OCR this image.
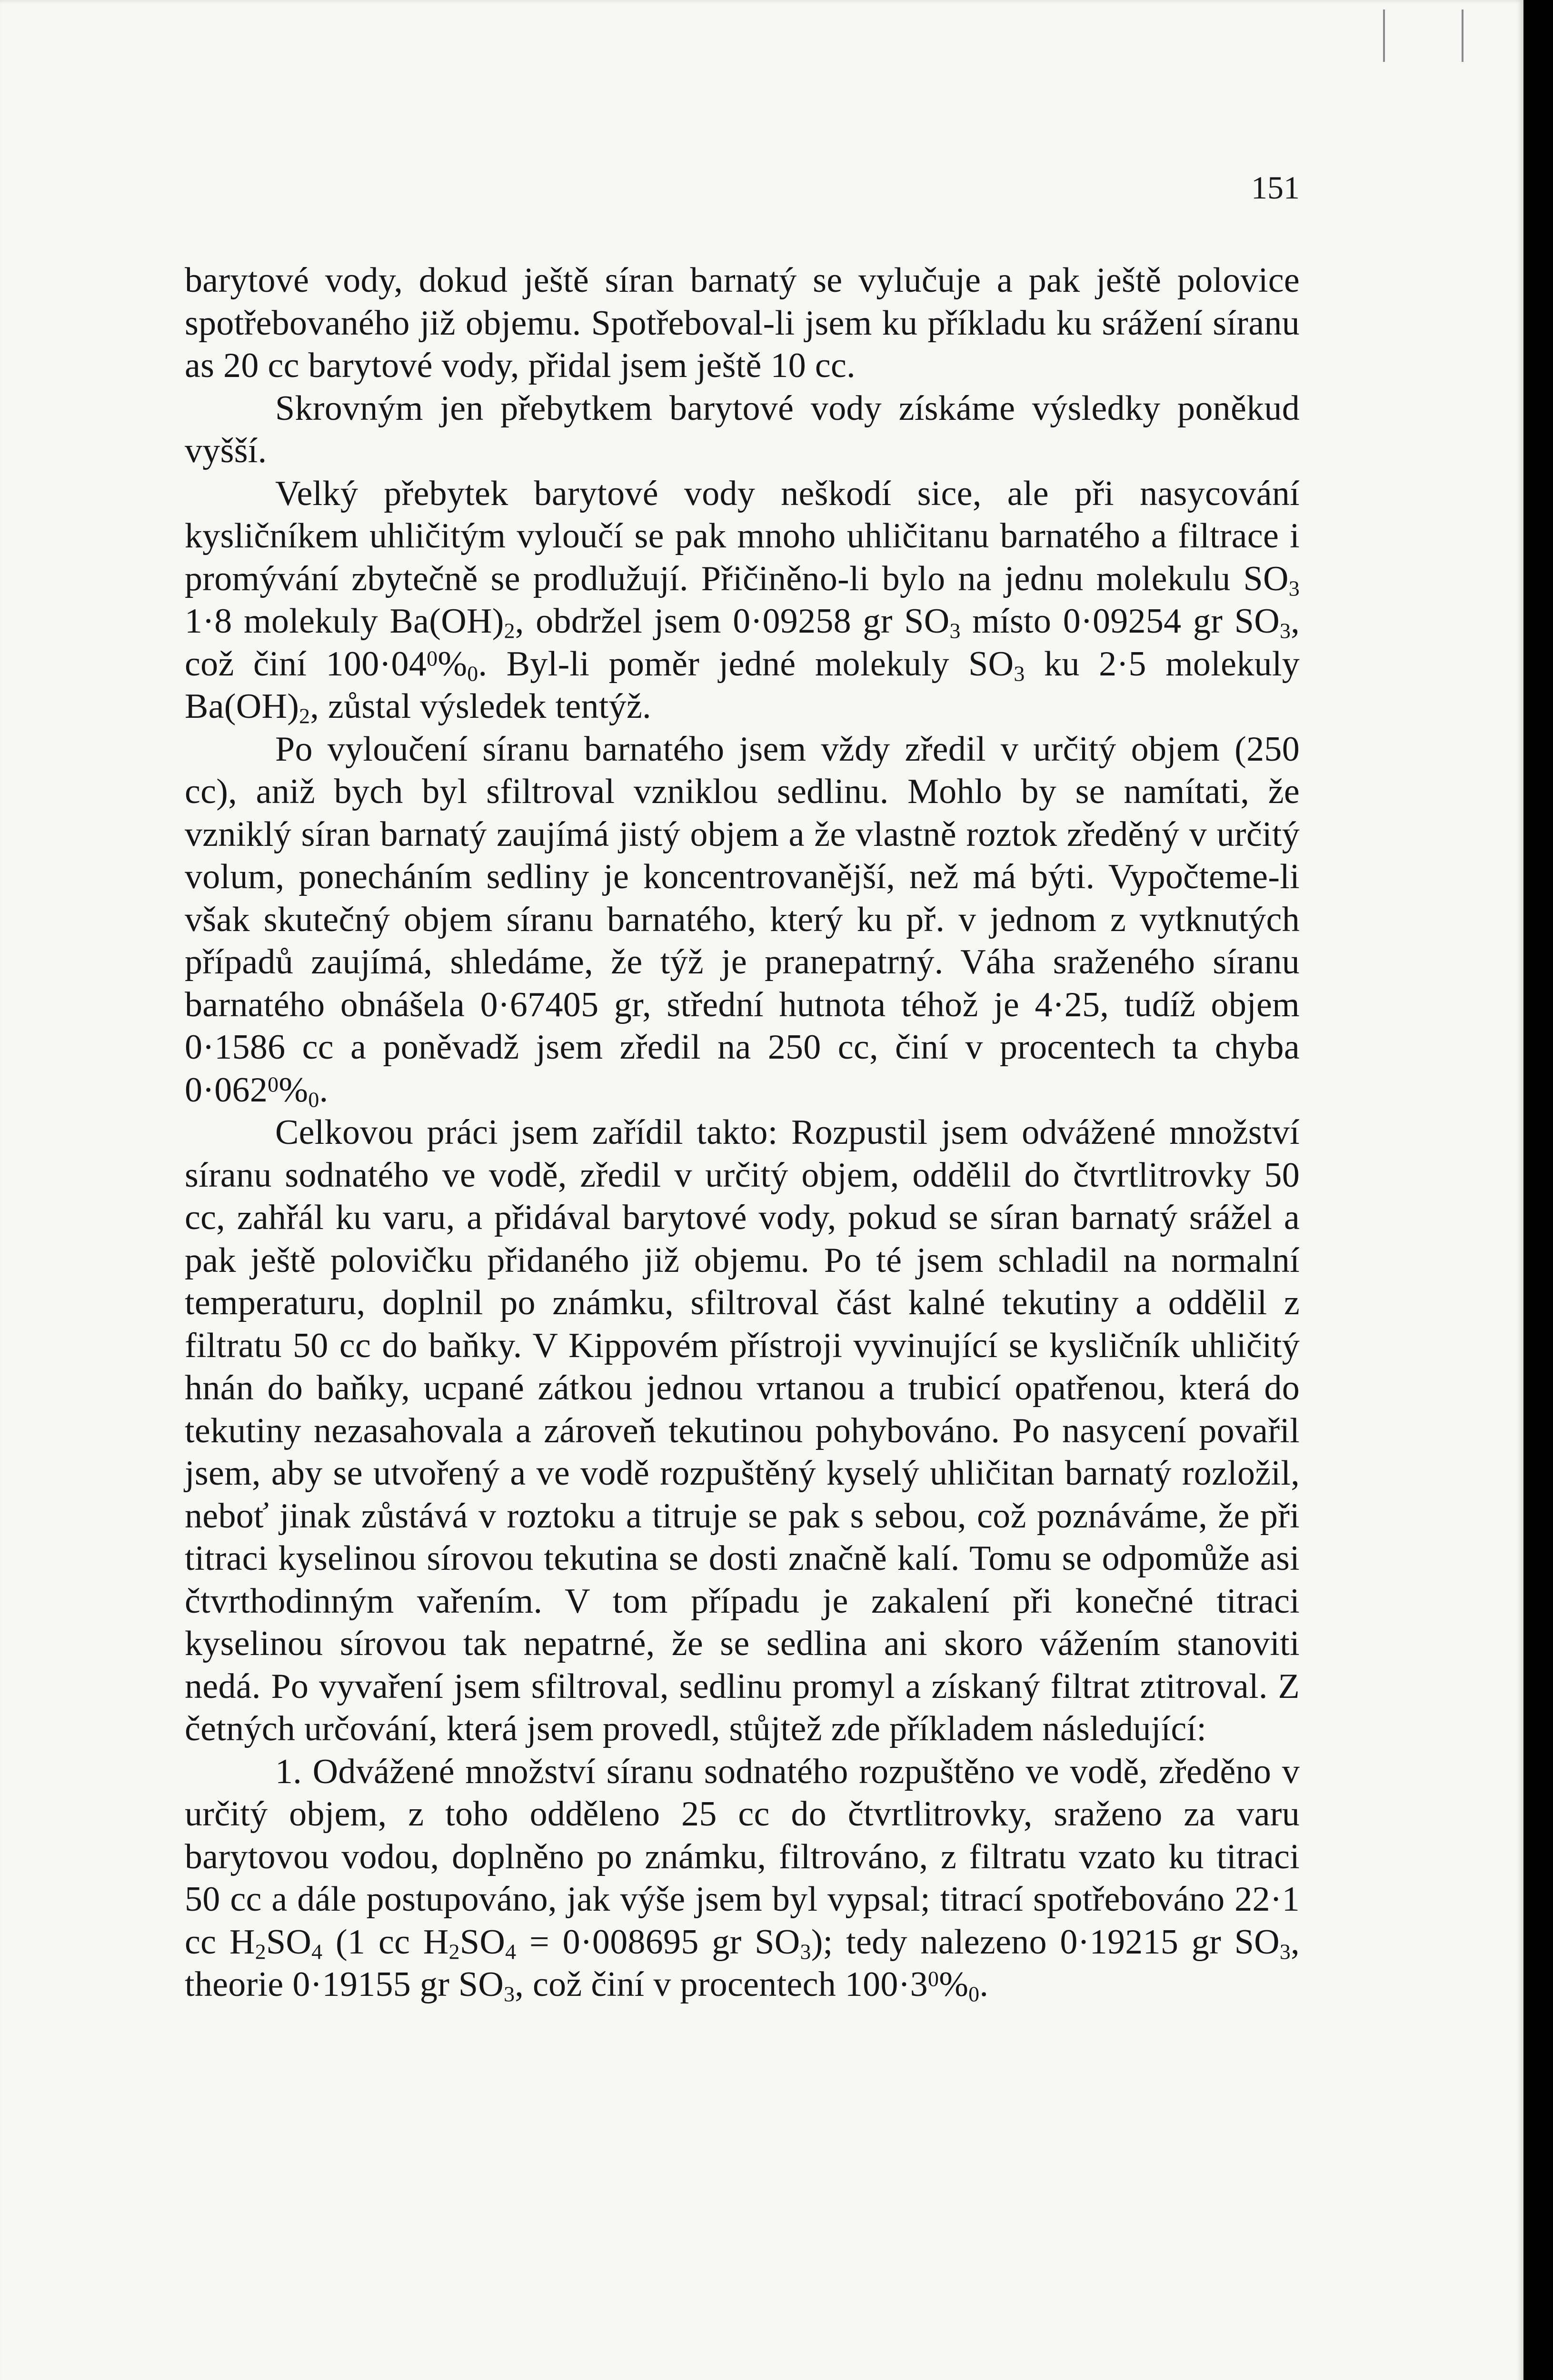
151

barytové vody, dokud ještě síran barnatý se vylučuje a pak ještě polovice spotřebovaného již objemu. Spotřeboval-li jsem ku příkladu ku srážení síranu as 20 cc barytové vody, přidal jsem ještě 10 cc.

Skrovným jen přebytkem barytové vody získáme výsledky poněkud vyšší.

Velký přebytek barytové vody neškodí sice, ale při nasycování kysličníkem uhličitým vyloučí se pak mnoho uhličitanu barnatého a filtrace i promývání zbytečně se prodlužují. Přičiněno-li bylo na jednu molekulu $SO_3$ 1·8 molekuly $Ba(OH)_2$, obdržel jsem 0·09258 gr $SO_3$ místo 0·09254 gr $SO_3$, což činí $100\cdot 04^0\%0$. Byl-li poměr jedné molekuly $SO_3$ ku 2·5 molekuly $Ba(OH)_2$, zůstal výsledek tentýž.

Po vyloučení síranu barnatého jsem vždy zředil v určitý objem (250 cc), aniž bych byl sfiltroval vzniklou sedlinu. Mohlo by se namítati, že vzniklý síran barnatý zaujímá jistý objem a že vlastně roztok zředěný v určitý volum, ponecháním sedliny je koncentrovanější, než má býti. Vypočteme-li však skutečný objem síranu barnatého, který ku př. v jednom z vytknutých případů zaujímá, shledáme, že týž je pranepatrný. Váha sraženého síranu barnatého obnášela 0·67405 gr, střední hutnota téhož je 4·25, tudíž objem 0·1586 cc a poněvadž jsem zředil na 250 cc, činí v procentech ta chyba $0\cdot 062^0\%0$.

Celkovou práci jsem zařídil takto: Rozpustil jsem odvážené množství síranu sodnatého ve vodě, zředil v určitý objem, oddělil do čtvrtlitrovky 50 cc, zahřál ku varu, a přidával barytové vody, pokud se síran barnatý srážel a pak ještě polovičku přidaného již objemu. Po té jsem schladil na normalní temperaturu, doplnil po známku, sfiltroval část kalné tekutiny a oddělil z filtratu 50 cc do baňky. V Kippovém přístroji vyvinující se kysličník uhličitý hnán do baňky, ucpané zátkou jednou vrtanou a trubicí opatřenou, která do tekutiny nezasahovala a zároveň tekutinou pohybováno. Po nasycení povařil jsem, aby se utvořený a ve vodě rozpuštěný kyselý uhličitan barnatý rozložil, neboť jinak zůstává v roztoku a titruje se pak s sebou, což poznáváme, že při titraci kyselinou sírovou tekutina se dosti značně kalí. Tomu se odpomůže asi čtvrthodinným vařením. V tom případu je zakalení při konečné titraci kyselinou sírovou tak nepatrné, že se sedlina ani skoro vážením stanoviti nedá. Po vyvaření jsem sfiltroval, sedlinu promyl a získaný filtrat ztitroval. Z četných určování, která jsem provedl, stůjtež zde příkladem následující:

1. Odvážené množství síranu sodnatého rozpuštěno ve vodě, zředěno v určitý objem, z toho odděleno 25 cc do čtvrtlitrovky, sraženo za varu barytovou vodou, doplněno po známku, filtrováno, z filtratu vzato ku titraci 50 cc a dále postupováno, jak výše jsem byl vypsal; titrací spotřebováno 22·1 cc $H_2SO_4$ (1 cc $H_2SO_4 = 0\cdot 008695$ gr $SO_3$); tedy nalezeno 0·19215 gr $SO_3$, theorie 0·19155 gr $SO_3$, což činí v procentech $100\cdot 3^0\%0$.
